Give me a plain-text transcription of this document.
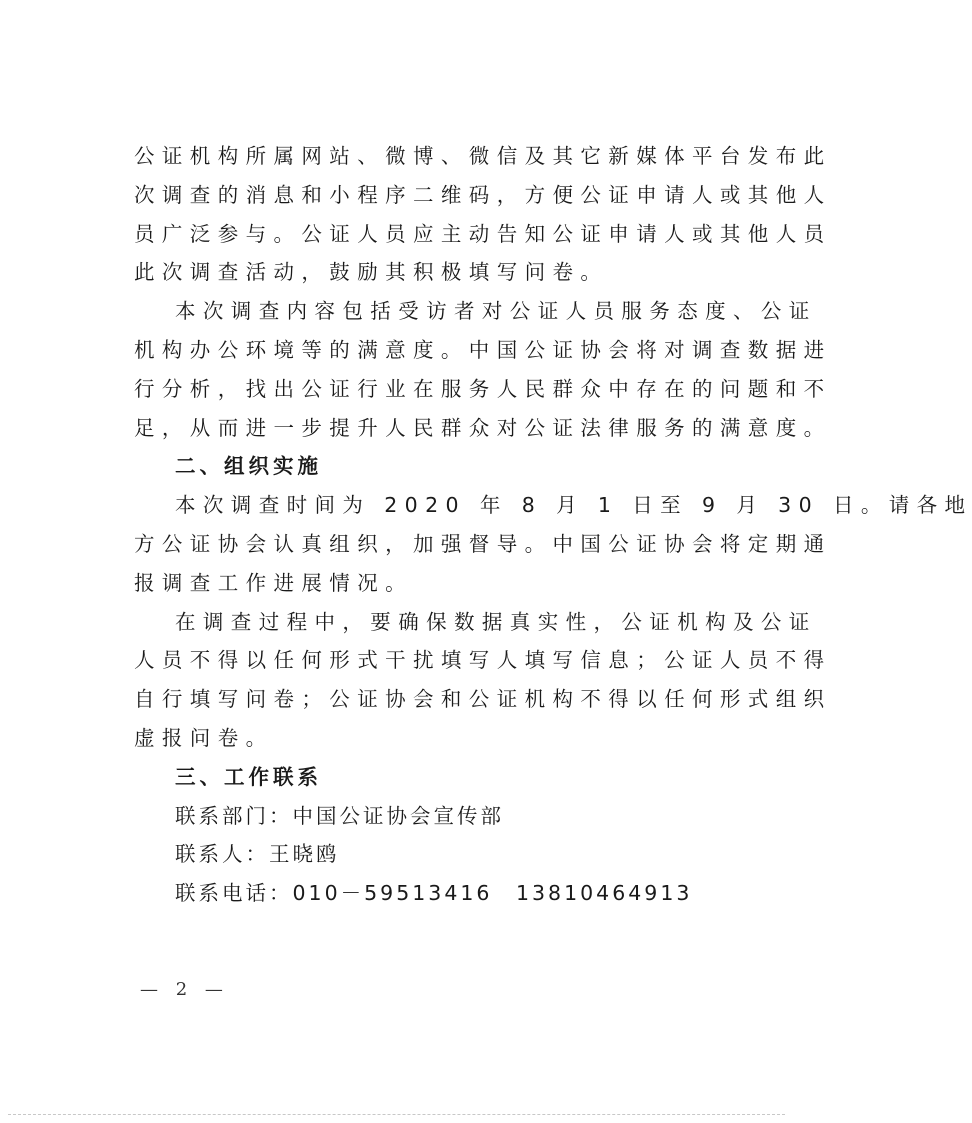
公证机构所属网站、微博、微信及其它新媒体平台发布此
次调查的消息和小程序二维码，方便公证申请人或其他人
员广泛参与。公证人员应主动告知公证申请人或其他人员
此次调查活动，鼓励其积极填写问卷。
本次调查内容包括受访者对公证人员服务态度、公证
机构办公环境等的满意度。中国公证协会将对调查数据进
行分析，找出公证行业在服务人民群众中存在的问题和不
足，从而进一步提升人民群众对公证法律服务的满意度。
二、组织实施
本次调查时间为 2020 年 8 月 1 日至 9 月 30 日。请各地
方公证协会认真组织，加强督导。中国公证协会将定期通
报调查工作进展情况。
在调查过程中，要确保数据真实性，公证机构及公证
人员不得以任何形式干扰填写人填写信息；公证人员不得
自行填写问卷；公证协会和公证机构不得以任何形式组织
虚报问卷。
三、工作联系
联系部门：中国公证协会宣传部
联系人：王晓鸥
联系电话：010－59513416　13810464913
— 2 —
